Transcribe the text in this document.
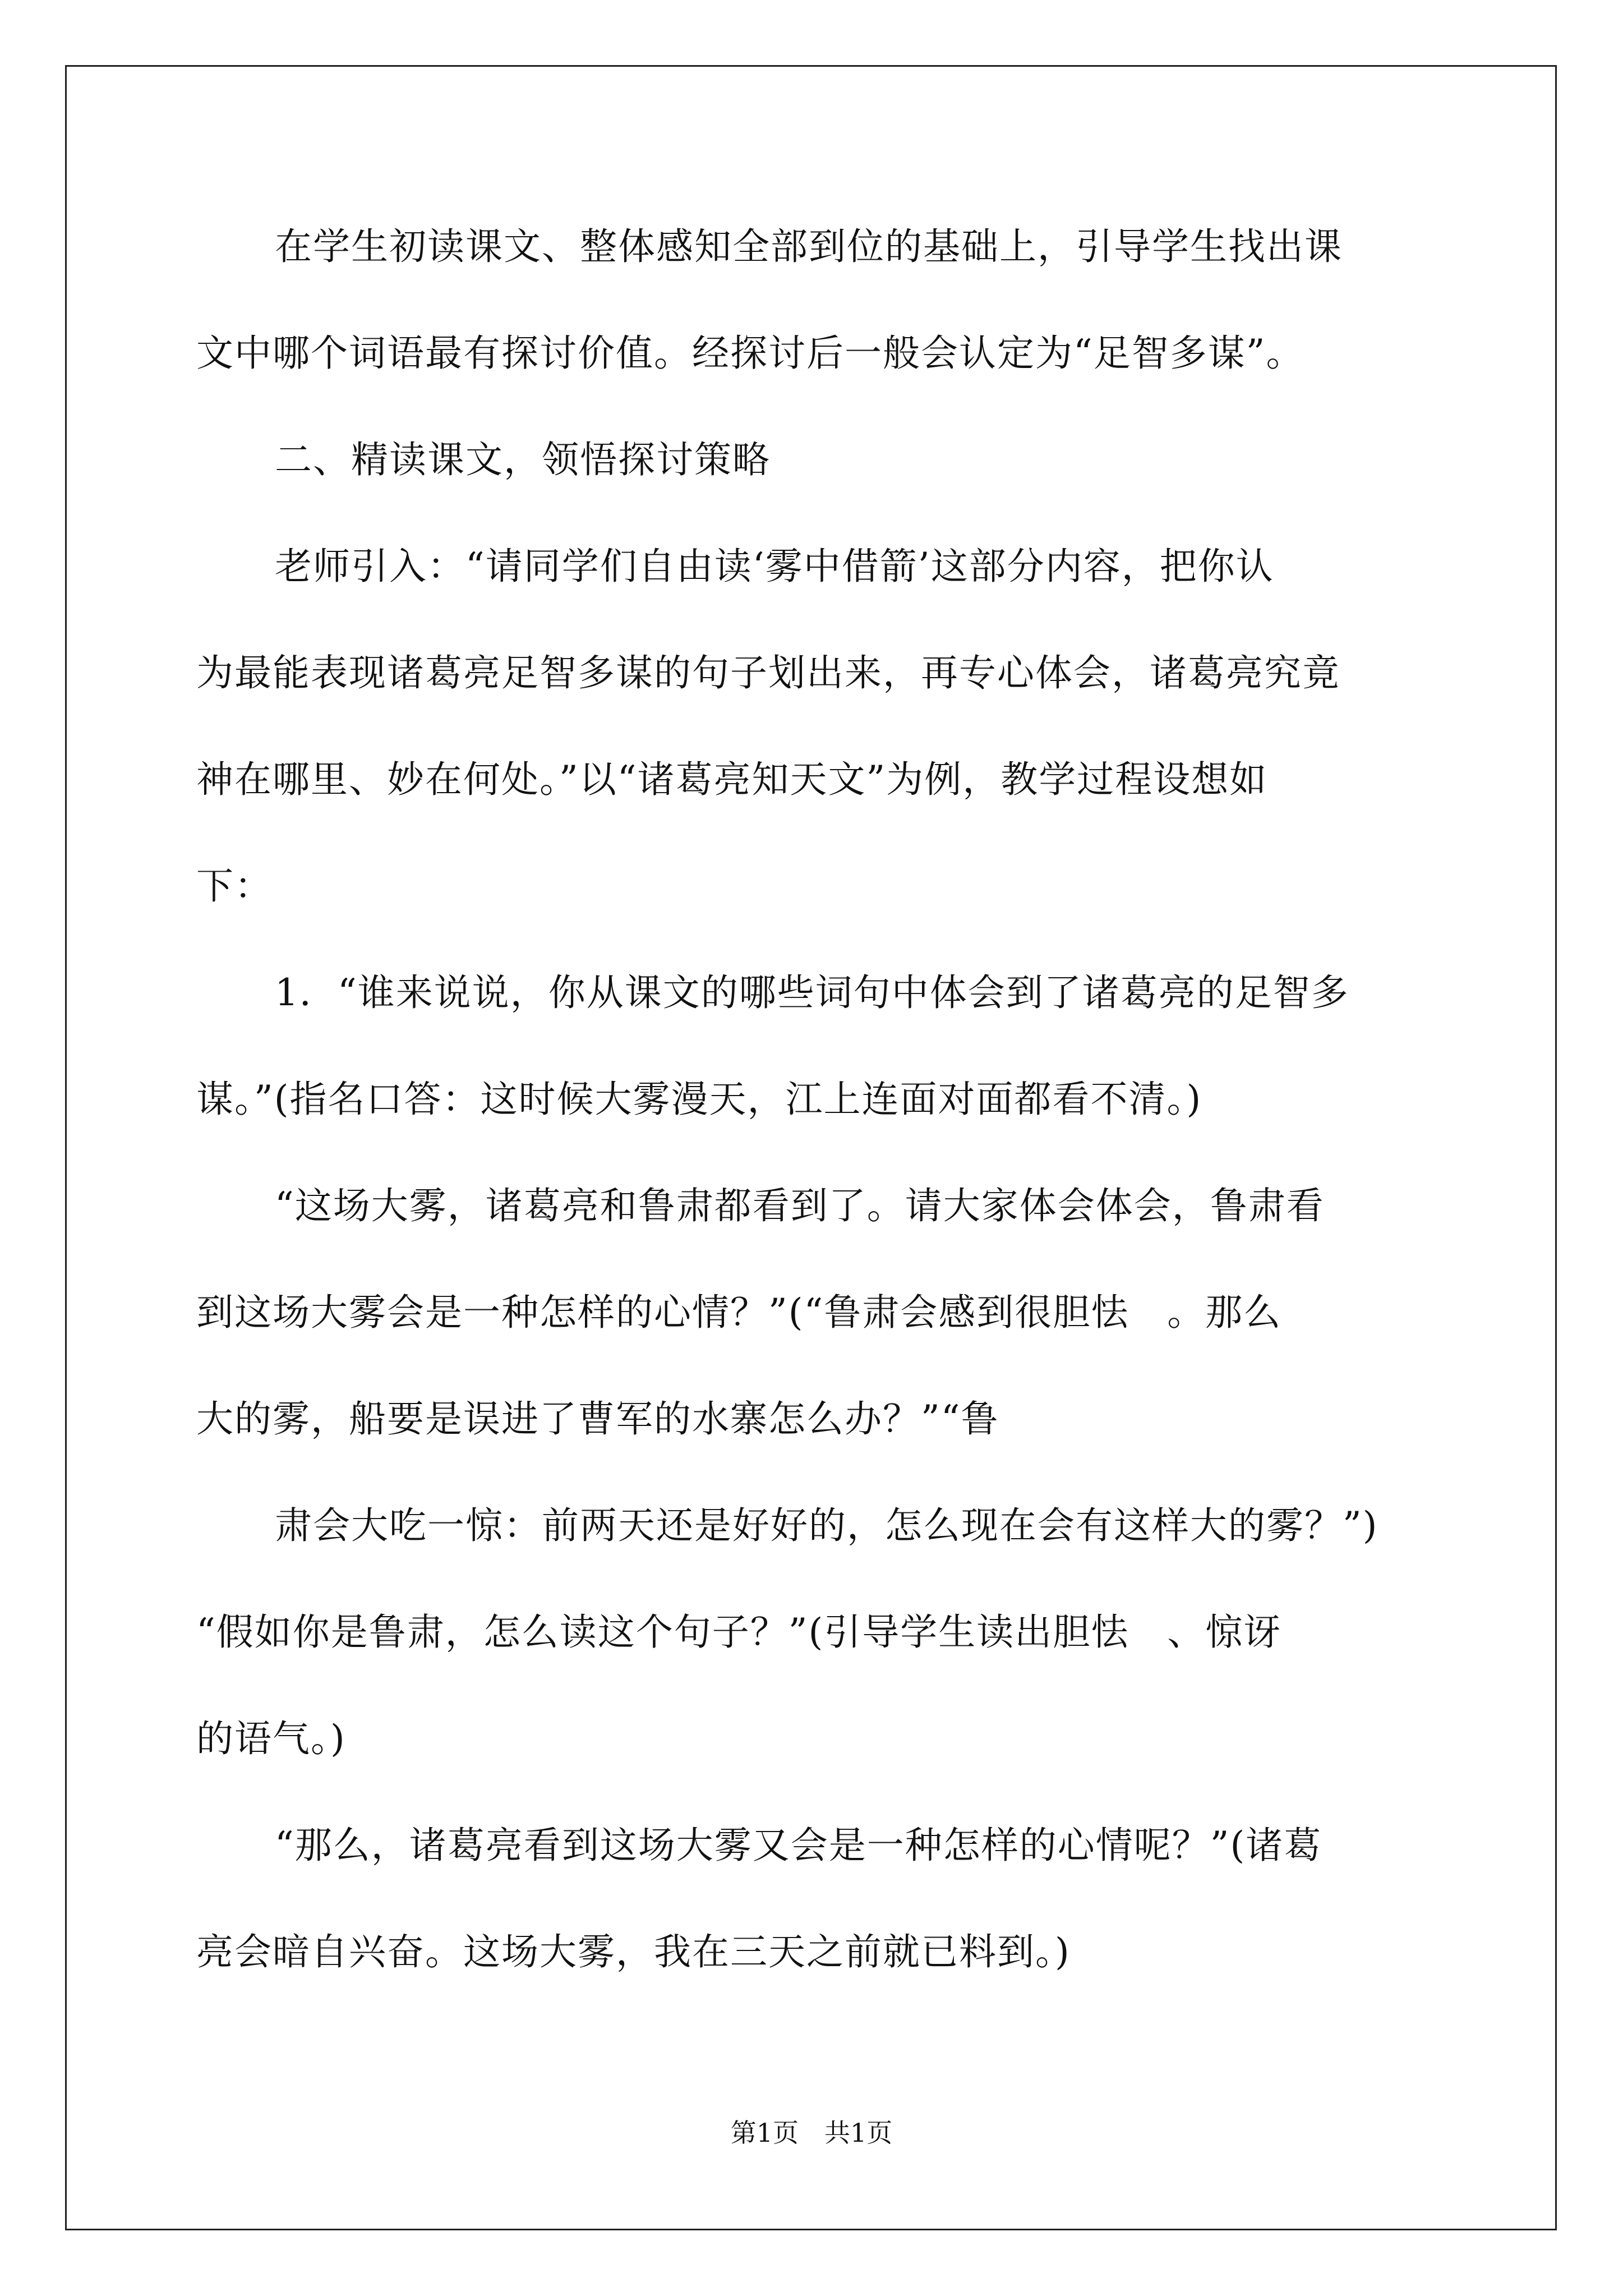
在学生初读课文、整体感知全部到位的基础上，引导学生找出课
文中哪个词语最有探讨价值。经探讨后一般会认定为“足智多谋”。
二、精读课文，领悟探讨策略
老师引入：“请同学们自由读‘雾中借箭’这部分内容，把你认
为最能表现诸葛亮足智多谋的句子划出来，再专心体会，诸葛亮究竟
神在哪里、妙在何处。”以“诸葛亮知天文”为例，教学过程设想如
下：
1．“谁来说说，你从课文的哪些词句中体会到了诸葛亮的足智多
谋。”(指名口答：这时候大雾漫天，江上连面对面都看不清。)
“这场大雾，诸葛亮和鲁肃都看到了。请大家体会体会，鲁肃看
到这场大雾会是一种怎样的心情？”(“鲁肃会感到很胆怯　。那么
大的雾，船要是误进了曹军的水寨怎么办？”“鲁
肃会大吃一惊：前两天还是好好的，怎么现在会有这样大的雾？”)
“假如你是鲁肃，怎么读这个句子？”(引导学生读出胆怯　、惊讶
的语气。)
“那么，诸葛亮看到这场大雾又会是一种怎样的心情呢？”(诸葛
亮会暗自兴奋。这场大雾，我在三天之前就已料到。)
第1页　共1页
